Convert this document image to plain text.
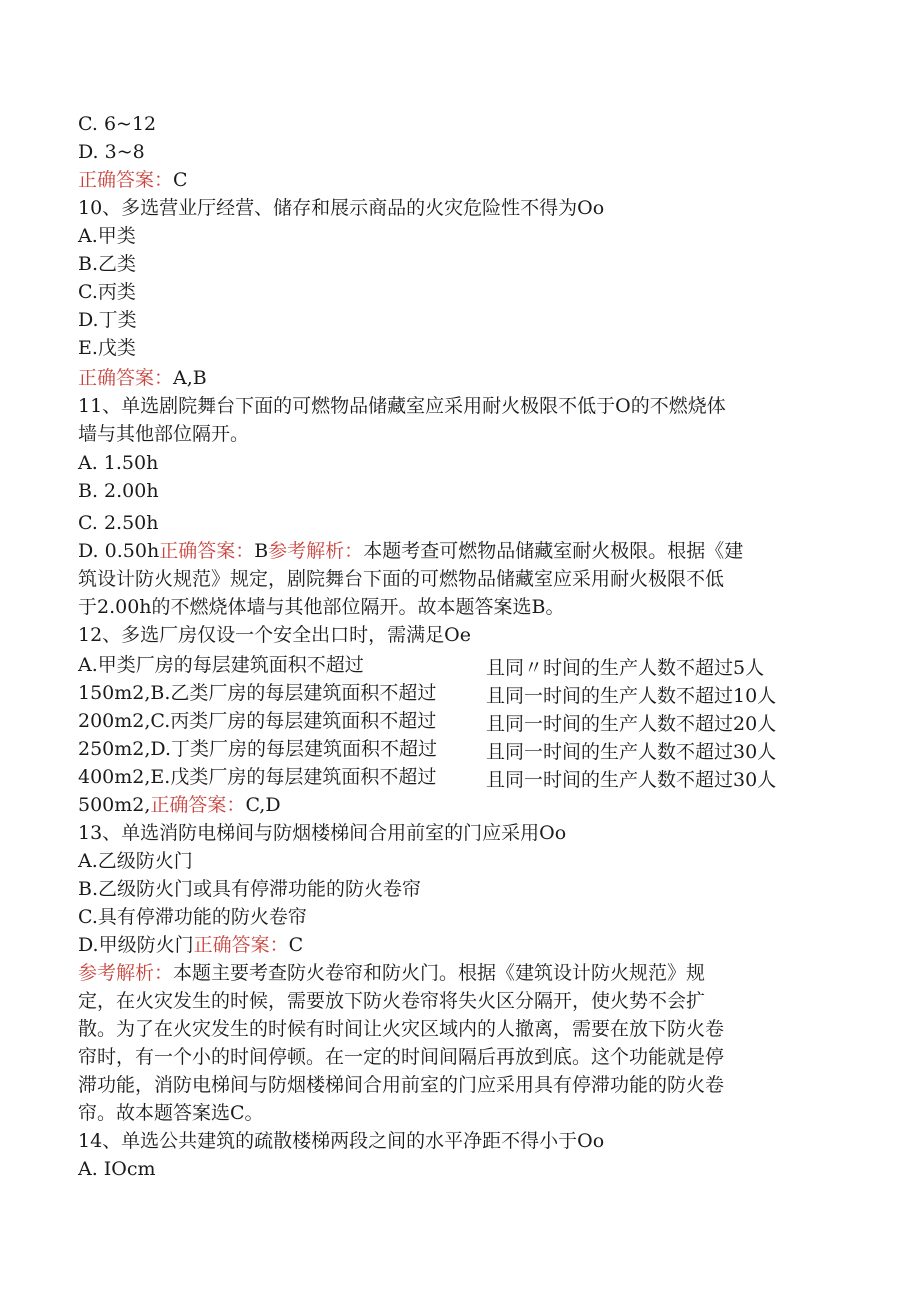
C. 6~12
D. 3~8
正确答案：C
10、多选营业厅经营、储存和展示商品的火灾危险性不得为Oo
A.甲类
B.乙类
C.丙类
D.丁类
E.戊类
正确答案：A,B
11、单选剧院舞台下面的可燃物品储藏室应采用耐火极限不低于O的不燃烧体
墙与其他部位隔开。
A. 1.50h
B. 2.00h
C. 2.50h
D. 0.50h正确答案：B参考解析：本题考查可燃物品储藏室耐火极限。根据《建
筑设计防火规范》规定，剧院舞台下面的可燃物品储藏室应采用耐火极限不低
于2.00h的不燃烧体墙与其他部位隔开。故本题答案选B。
12、多选厂房仅设一个安全出口时，需满足Oe
A.甲类厂房的每层建筑面积不超过
150m2,B.乙类厂房的每层建筑面积不超过
200m2,C.丙类厂房的每层建筑面积不超过
250m2,D.丁类厂房的每层建筑面积不超过
400m2,E.戊类厂房的每层建筑面积不超过
且同〃时间的生产人数不超过5人
且同一时间的生产人数不超过10人
且同一时间的生产人数不超过20人
且同一时间的生产人数不超过30人
且同一时间的生产人数不超过30人
500m2,正确答案：C,D
13、单选消防电梯间与防烟楼梯间合用前室的门应采用Oo
A.乙级防火门
B.乙级防火门或具有停滞功能的防火卷帘
C.具有停滞功能的防火卷帘
D.甲级防火门正确答案：C
参考解析：本题主要考查防火卷帘和防火门。根据《建筑设计防火规范》规
定，在火灾发生的时候，需要放下防火卷帘将失火区分隔开，使火势不会扩
散。为了在火灾发生的时候有时间让火灾区域内的人撤离，需要在放下防火卷
帘时，有一个小的时间停顿。在一定的时间间隔后再放到底。这个功能就是停
滞功能，消防电梯间与防烟楼梯间合用前室的门应采用具有停滞功能的防火卷
帘。故本题答案选C。
14、单选公共建筑的疏散楼梯两段之间的水平净距不得小于Oo
A. IOcm
